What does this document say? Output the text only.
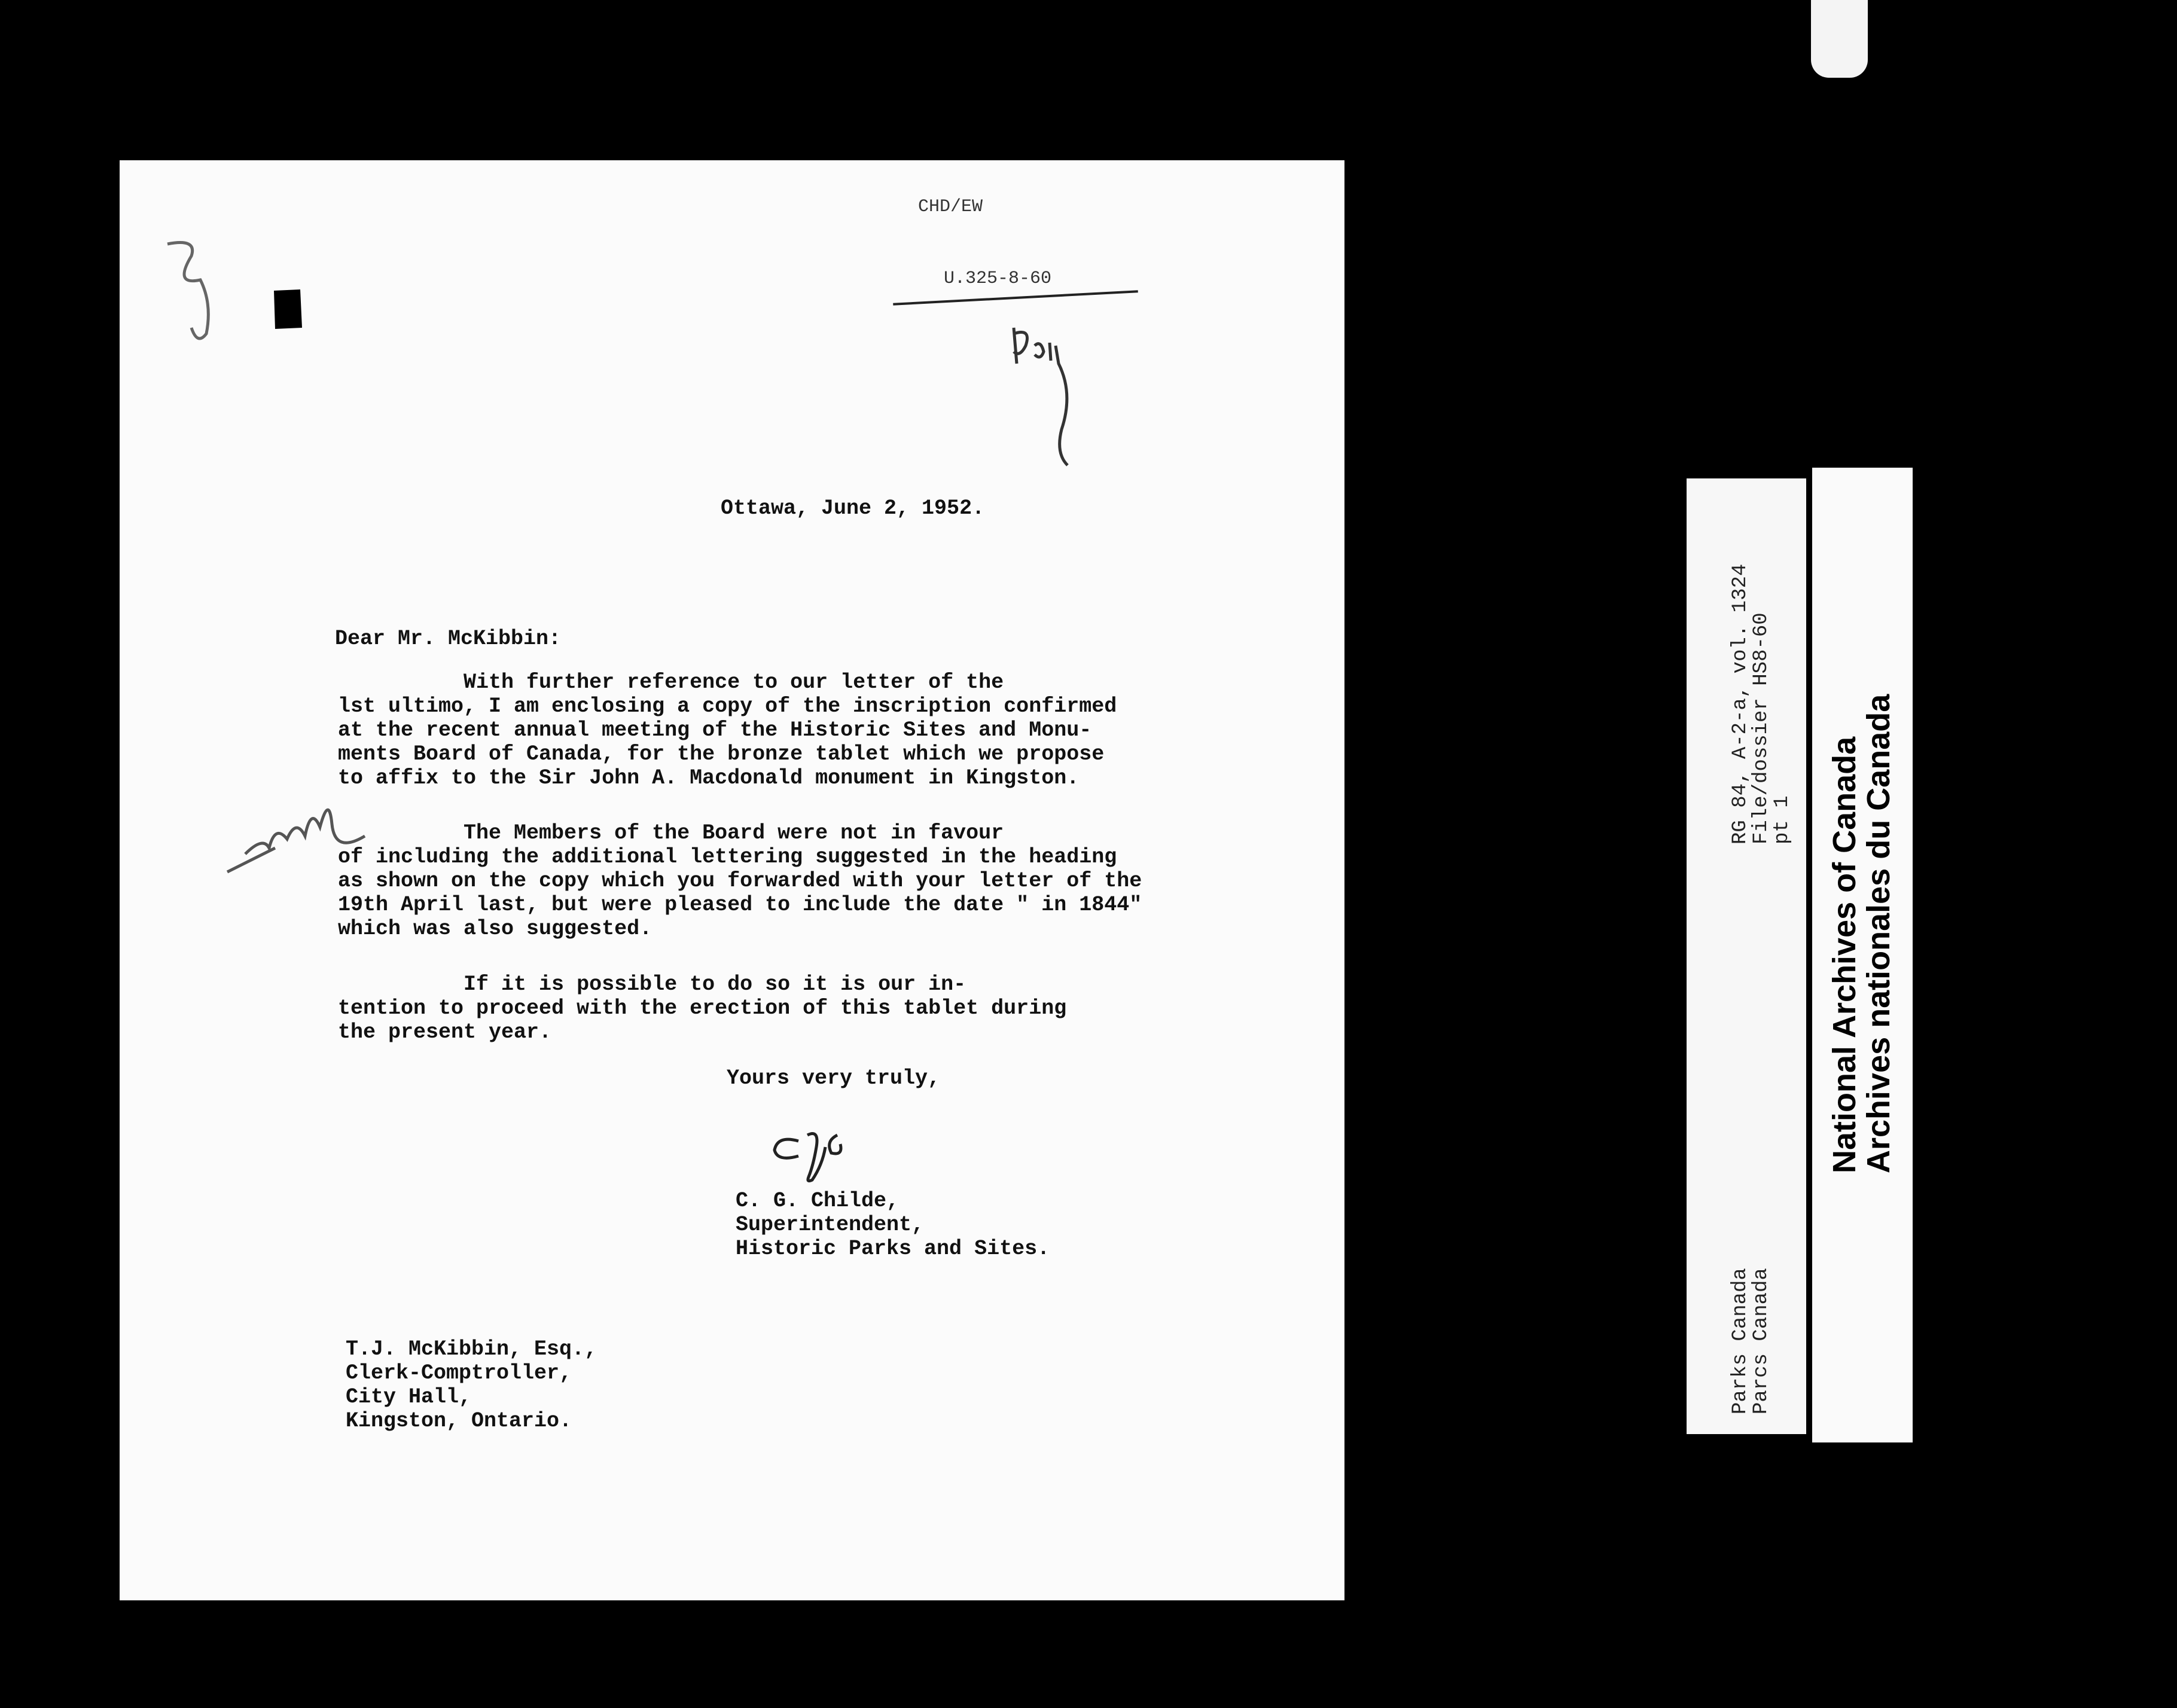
CHD/EW
U.325-8-60
Ottawa, June 2, 1952.
Dear Mr. McKibbin:
With further reference to our letter of the
lst ultimo, I am enclosing a copy of the inscription confirmed
at the recent annual meeting of the Historic Sites and Monu-
ments Board of Canada, for the bronze tablet which we propose
to affix to the Sir John A. Macdonald monument in Kingston.
The Members of the Board were not in favour
of including the additional lettering suggested in the heading
as shown on the copy which you forwarded with your letter of the
19th April last, but were pleased to include the date " in 1844"
which was also suggested.
If it is possible to do so it is our in-
tention to proceed with the erection of this tablet during
the present year.
Yours very truly,
C. G. Childe,
Superintendent,
Historic Parks and Sites.
T.J. McKibbin, Esq.,
Clerk-Comptroller,
City Hall,
Kingston, Ontario.
RG 84, A-2-a, vol. 1324
File/dossier HS8-60
pt 1
Parks Canada
Parcs Canada
National Archives of Canada
Archives nationales du Canada
